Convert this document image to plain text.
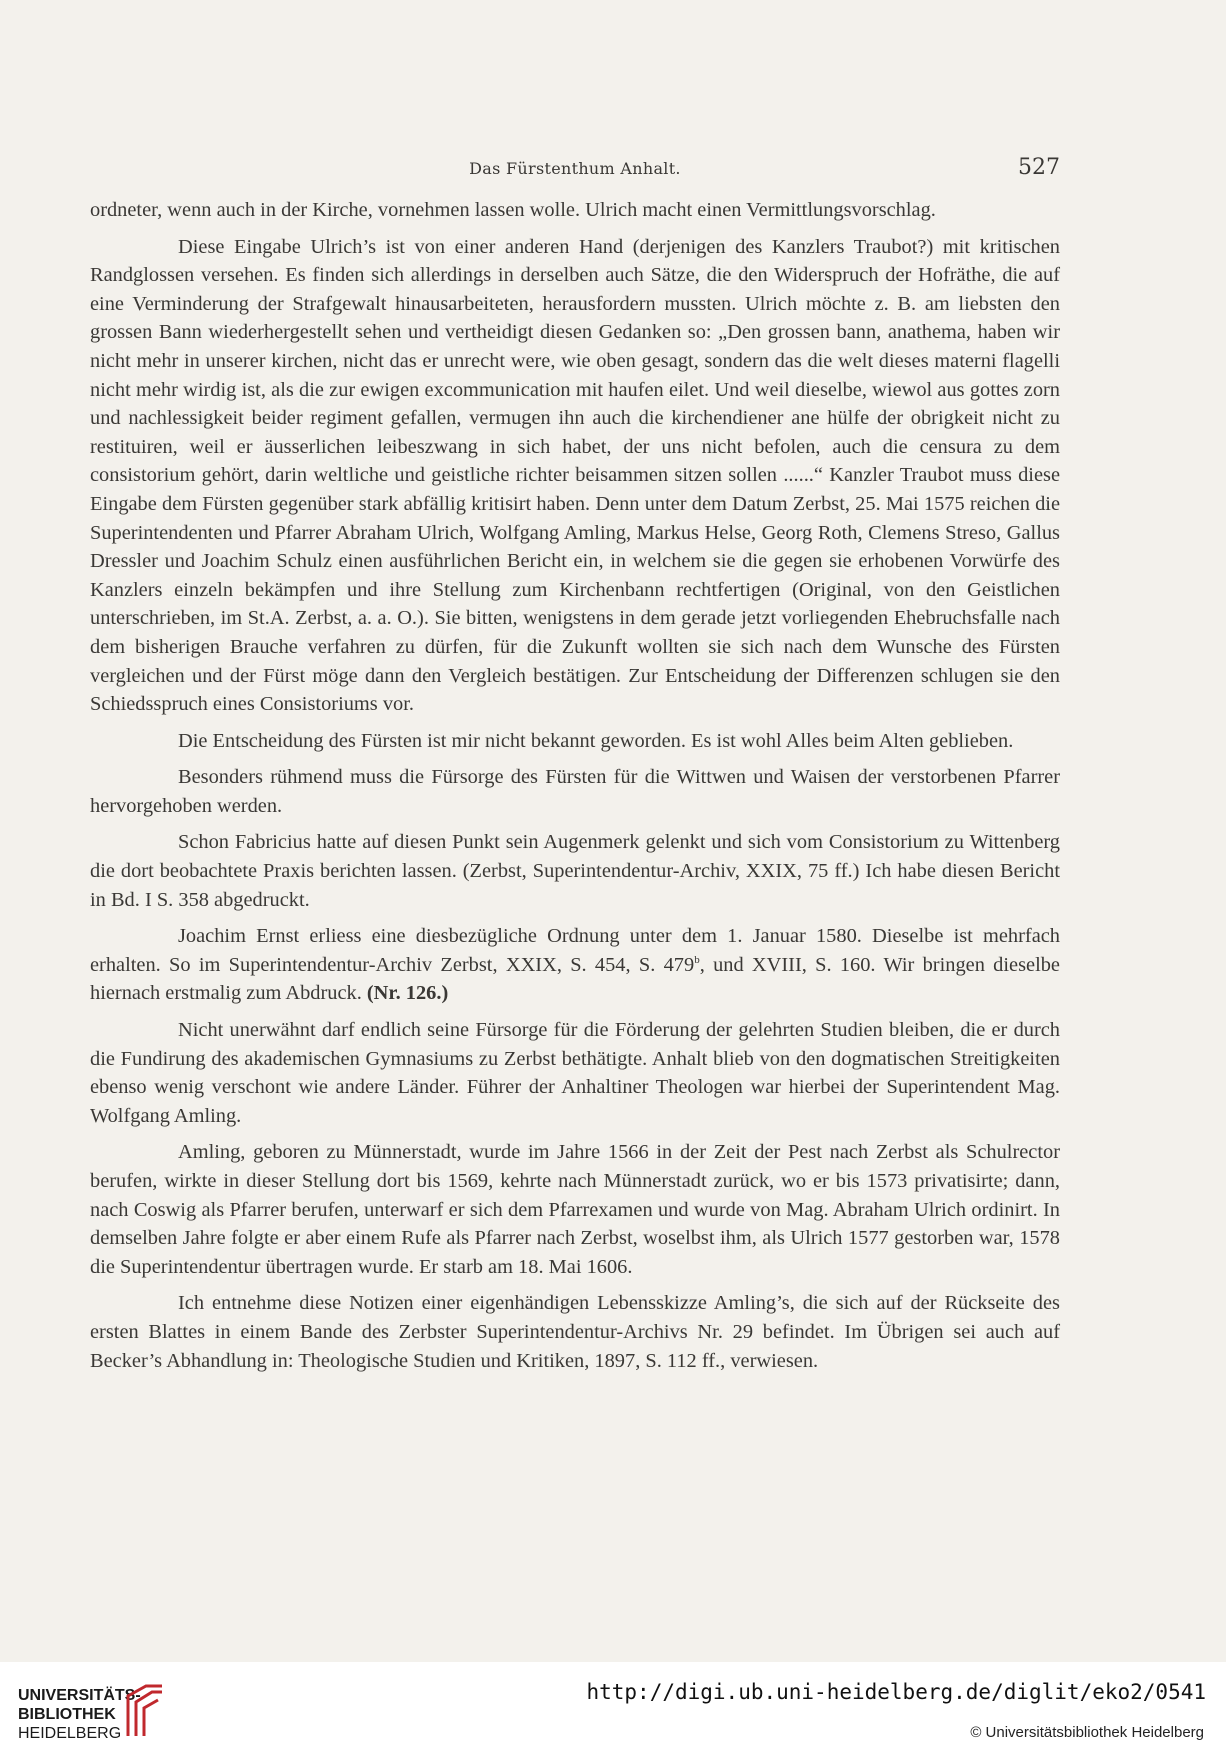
Das Fürstenthum Anhalt.	527

ordneter, wenn auch in der Kirche, vornehmen lassen wolle. Ulrich macht einen Vermittlungsvorschlag.

Diese Eingabe Ulrich’s ist von einer anderen Hand (derjenigen des Kanzlers Traubot?) mit kritischen Randglossen versehen. Es finden sich allerdings in derselben auch Sätze, die den Widerspruch der Hofräthe, die auf eine Verminderung der Strafgewalt hinausarbeiteten, herausfordern mussten. Ulrich möchte z. B. am liebsten den grossen Bann wiederhergestellt sehen und vertheidigt diesen Gedanken so: „Den grossen bann, anathema, haben wir nicht mehr in unserer kirchen, nicht das er unrecht were, wie oben gesagt, sondern das die welt dieses materni flagelli nicht mehr wirdig ist, als die zur ewigen excommunication mit haufen eilet. Und weil dieselbe, wiewol aus gottes zorn und nachlessigkeit beider regiment gefallen, vermugen ihn auch die kirchendiener ane hülfe der obrigkeit nicht zu restituiren, weil er äusserlichen leibeszwang in sich habet, der uns nicht befolen, auch die censura zu dem consistorium gehört, darin weltliche und geistliche richter beisammen sitzen sollen ......“ Kanzler Traubot muss diese Eingabe dem Fürsten gegenüber stark abfällig kritisirt haben. Denn unter dem Datum Zerbst, 25. Mai 1575 reichen die Superintendenten und Pfarrer Abraham Ulrich, Wolfgang Amling, Markus Helse, Georg Roth, Clemens Streso, Gallus Dressler und Joachim Schulz einen ausführlichen Bericht ein, in welchem sie die gegen sie erhobenen Vorwürfe des Kanzlers einzeln bekämpfen und ihre Stellung zum Kirchenbann rechtfertigen (Original, von den Geistlichen unterschrieben, im St.A. Zerbst, a. a. O.). Sie bitten, wenigstens in dem gerade jetzt vorliegenden Ehebruchsfalle nach dem bisherigen Brauche verfahren zu dürfen, für die Zukunft wollten sie sich nach dem Wunsche des Fürsten vergleichen und der Fürst möge dann den Vergleich bestätigen. Zur Entscheidung der Differenzen schlugen sie den Schiedsspruch eines Consistoriums vor.

Die Entscheidung des Fürsten ist mir nicht bekannt geworden. Es ist wohl Alles beim Alten geblieben.

Besonders rühmend muss die Fürsorge des Fürsten für die Wittwen und Waisen der verstorbenen Pfarrer hervorgehoben werden.

Schon Fabricius hatte auf diesen Punkt sein Augenmerk gelenkt und sich vom Consistorium zu Wittenberg die dort beobachtete Praxis berichten lassen. (Zerbst, Superintendentur-Archiv, XXIX, 75 ff.) Ich habe diesen Bericht in Bd. I S. 358 abgedruckt.

Joachim Ernst erliess eine diesbezügliche Ordnung unter dem 1. Januar 1580. Dieselbe ist mehrfach erhalten. So im Superintendentur-Archiv Zerbst, XXIX, S. 454, S. 479$^b$, und XVIII, S. 160. Wir bringen dieselbe hiernach erstmalig zum Abdruck. (Nr. 126.)

Nicht unerwähnt darf endlich seine Fürsorge für die Förderung der gelehrten Studien bleiben, die er durch die Fundirung des akademischen Gymnasiums zu Zerbst bethätigte. Anhalt blieb von den dogmatischen Streitigkeiten ebenso wenig verschont wie andere Länder. Führer der Anhaltiner Theologen war hierbei der Superintendent Mag. Wolfgang Amling.

Amling, geboren zu Münnerstadt, wurde im Jahre 1566 in der Zeit der Pest nach Zerbst als Schulrector berufen, wirkte in dieser Stellung dort bis 1569, kehrte nach Münnerstadt zurück, wo er bis 1573 privatisirte; dann, nach Coswig als Pfarrer berufen, unterwarf er sich dem Pfarrexamen und wurde von Mag. Abraham Ulrich ordinirt. In demselben Jahre folgte er aber einem Rufe als Pfarrer nach Zerbst, woselbst ihm, als Ulrich 1577 gestorben war, 1578 die Superintendentur übertragen wurde. Er starb am 18. Mai 1606.

Ich entnehme diese Notizen einer eigenhändigen Lebensskizze Amling’s, die sich auf der Rückseite des ersten Blattes in einem Bande des Zerbster Superintendentur-Archivs Nr. 29 befindet. Im Übrigen sei auch auf Becker’s Abhandlung in: Theologische Studien und Kritiken, 1897, S. 112 ff., verwiesen.

UNIVERSITÄTS-
BIBLIOTHEK
HEIDELBERG
http://digi.ub.uni-heidelberg.de/diglit/eko2/0541
© Universitätsbibliothek Heidelberg
